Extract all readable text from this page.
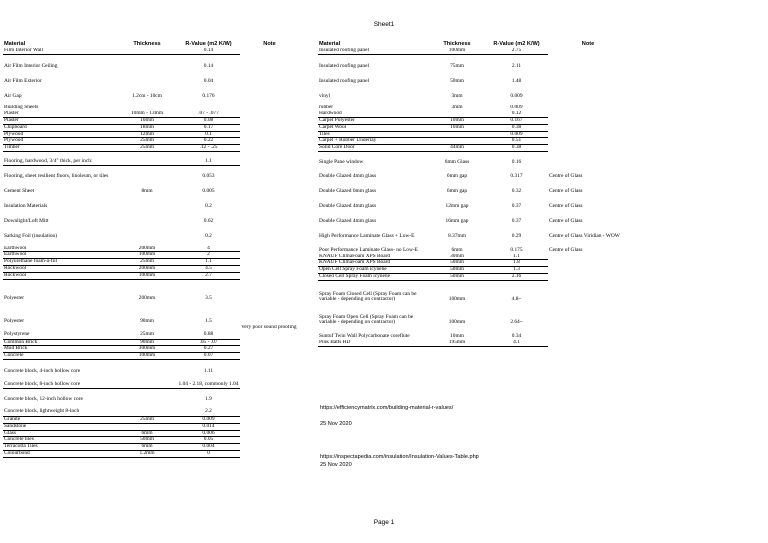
Sheet1
Material	Thickness	R-Value (m2 K/W)	Note
Film Interior Wall		0.14	

Air Film Interior Ceiling		0.14	

Air Film Exterior		0.04	

Air Gap	1.2cm - 10cm	0.176	

Building Sheets			
Plaster	10mm - 13mm	.07 - .077	
Plaster	10mm	0.08	
Chipboard	18mm	0.17	
Plywood	12mm	0.1	
Plywood	25mm	0.22	
Timber	25mm	.12 - .25	
Flooring, hardwood, 3/4" thick, per inch:		1.1	
Flooring, sheet resilient floors, linoleum, or tiles		0.053	

Cement Sheet	8mm	0.005	

Insulation Materials		0.2	

Downlight/Loft Mitt		0.62	

Sarking Foil (insulation)		0.2	

Earthwool	200mm	4	
Earthwool	100mm	2	
Polyurethane foam-a-fill	25mm	1.1	
Rockwool	200mm	4.5	
Rockwool	100mm	2.7	

Polyester	200mm	3.5	

Polyester	90mm	1.5	
			Very poor sound proofing
Polystyrene	25mm	0.88	
Common Brick	90mm	.05 - .07	
Mud Brick	300mm	0.27	
Concrete	100mm	0.07	

Concrete block, 4-inch hollow core		1.11	
Concrete block, 8-inch hollow core		1.04 - 2.18, commonly 1.04	
Concrete block, 12-inch hollow core		1.9	

Concrete block, lightweight 8-inch		2.2	
Granite	25mm	0.009	
Sandstone		0.014	
Glass	6mm	0.006	
Concrete tiles	50mm	0.05	
Terracotta Tiles	6mm	0.004	
Colourbond	1.2mm	0	
Material	Thickness	R-Value (m2 K/W)	Note
Insulated roofing panel	100mm	2.75	

Insulated roofing panel	75mm	2.11	

Insulated roofing panel	50mm	1.48	

vinyl	3mm	0.009	

rubber	3mm	0.009	
Hardwood		0.12	
Carpet Polyester	10mm	0.167	
Carpet Wool	10mm	0.38	
Tiles		0.009	
Carpet + Rubber Underlay		0.51	
Solid Core Door	44mm	0.38	
Single Pane window	6mm Glass	0.16	
Double Glazed 4mm glass	6mm gap	0.317	Centre of Glass

Double Glazed 6mm glass	6mm gap	0.32	Centre of Glass

Double Glazed 4mm glass	12mm gap	0.37	Centre of Glass

Double Glazed 4mm glass	16mm gap	0.37	Centre of Glass
High Performance Laminate Glass + Low-E	8.37mm	0.29	Centre of Glass Viridian - WOW
Poor Performance Laminate Glass- no Low-E	6mm	0.175	Centre of Glass
KNAUF ClimaFoam XPS Board	30mm	1.1	
KNAUF ClimaFoam XPS Board	50mm	1.8	
Open Cell Spray Foam icynene	50mm	1.3	
Closed Cell Spray Foam icynene	50mm	2.16	
Spray Foam Closed Cell (Spray Foam can be variable - depending on contractor)	100mm	4.8~	
Spray Foam Open Cell (Spray Foam can be variable - depending on contractor)	100mm	2.64~	
Suntuf Twin Wall Polycarbonate coreflute	10mm	0.34	
Pink Batts HD	195mm	4.1	
https://efficiencymatrix.com/building-material-r-values/
25 Nov 2020
https://inspectapedia.com/insulation/Insulation-Values-Table.php
25 Nov 2020
Page 1
